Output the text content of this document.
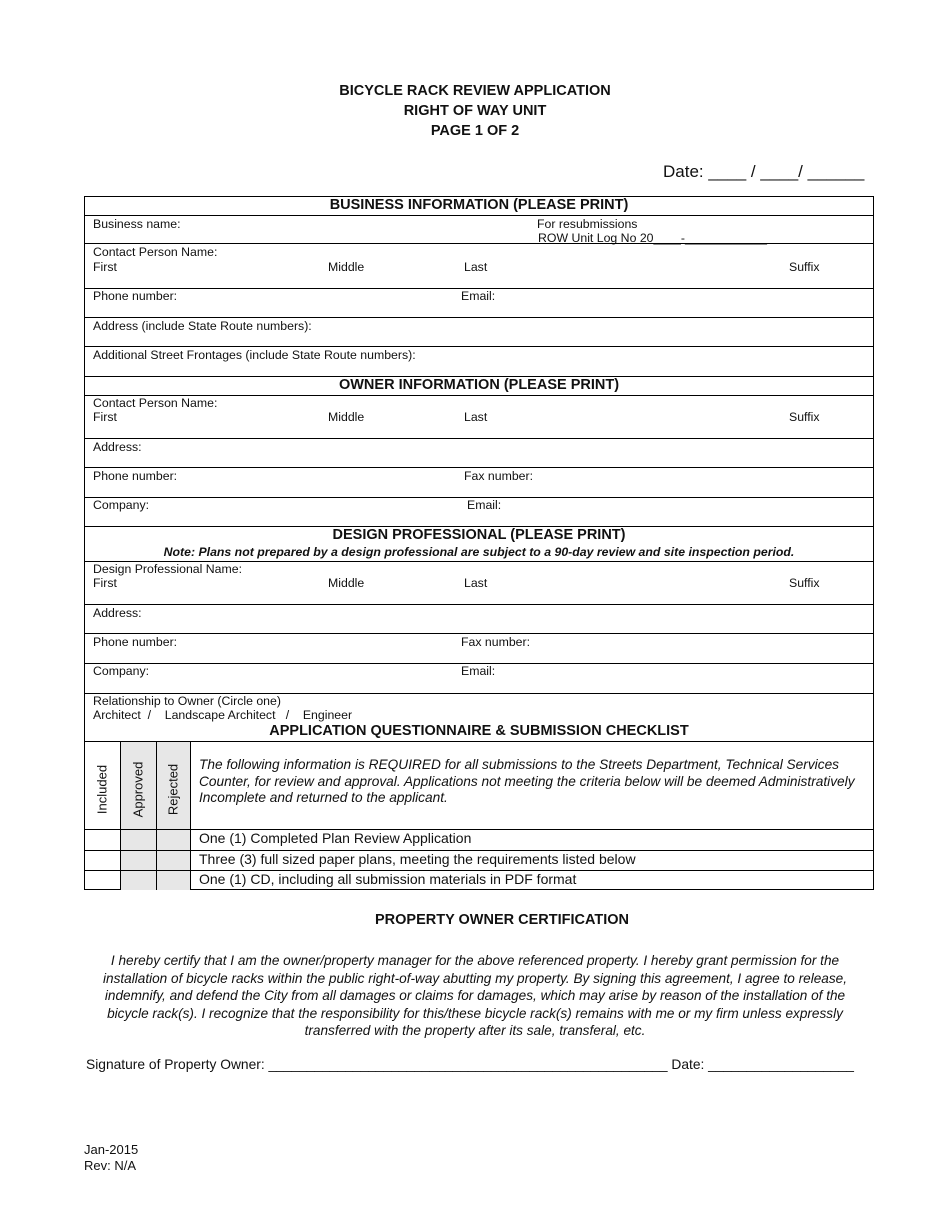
BICYCLE RACK REVIEW APPLICATION
RIGHT OF WAY UNIT
PAGE 1 OF 2
Date: ____ / ____/ ______
BUSINESS INFORMATION (PLEASE PRINT)
Business name:	For resubmissions
ROW Unit Log No 20____-____________
Contact Person Name:
First	Middle	Last	Suffix
Phone number:	Email:
Address (include State Route numbers):
Additional Street Frontages (include State Route numbers):
OWNER INFORMATION (PLEASE PRINT)
Contact Person Name:
First	Middle	Last	Suffix
Address:
Phone number:	Fax number:
Company:	Email:
DESIGN PROFESSIONAL (PLEASE PRINT)
Note: Plans not prepared by a design professional are subject to a 90-day review and site inspection period.
Design Professional Name:
First	Middle	Last	Suffix
Address:
Phone number:	Fax number:
Company:	Email:
Relationship to Owner (Circle one)
Architect  /    Landscape Architect   /    Engineer
APPLICATION QUESTIONNAIRE & SUBMISSION CHECKLIST
Included Approved Rejected The following information is REQUIRED for all submissions to the Streets Department, Technical Services Counter, for review and approval. Applications not meeting the criteria below will be deemed Administratively Incomplete and returned to the applicant.
One (1) Completed Plan Review Application
Three (3) full sized paper plans, meeting the requirements listed below
One (1) CD, including all submission materials in PDF format
PROPERTY OWNER CERTIFICATION
I hereby certify that I am the owner/property manager for the above referenced property. I hereby grant permission for the installation of bicycle racks within the public right-of-way abutting my property. By signing this agreement, I agree to release, indemnify, and defend the City from all damages or claims for damages, which may arise by reason of the installation of the bicycle rack(s). I recognize that the responsibility for this/these bicycle rack(s) remains with me or my firm unless expressly transferred with the property after its sale, transferal, etc.
Signature of Property Owner: ____________________________________________________ Date: ___________________
Jan-2015
Rev: N/A
